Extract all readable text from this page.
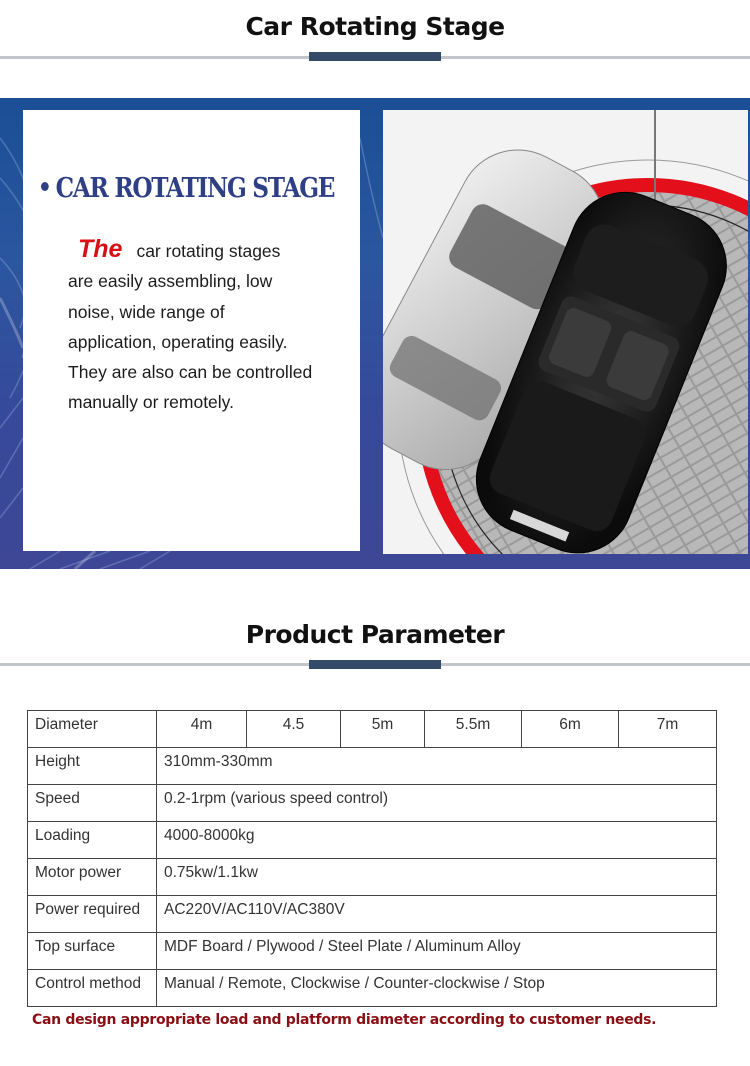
Car Rotating Stage
CAR ROTATING STAGE
The car rotating stages
are easily assembling, low
noise, wide range of
application, operating easily.
They are also can be controlled
manually or remotely.
Product Parameter
Diameter	4m	4.5	5m	5.5m	6m	7m
Height	310mm-330mm					
Speed	0.2-1rpm (various speed control)					
Loading	4000-8000kg					
Motor power	0.75kw/1.1kw					
Power required	AC220V/AC110V/AC380V					
Top surface	MDF Board / Plywood / Steel Plate / Aluminum Alloy					
Control method	Manual / Remote, Clockwise / Counter-clockwise / Stop					
Can design appropriate load and platform diameter according to customer needs.
